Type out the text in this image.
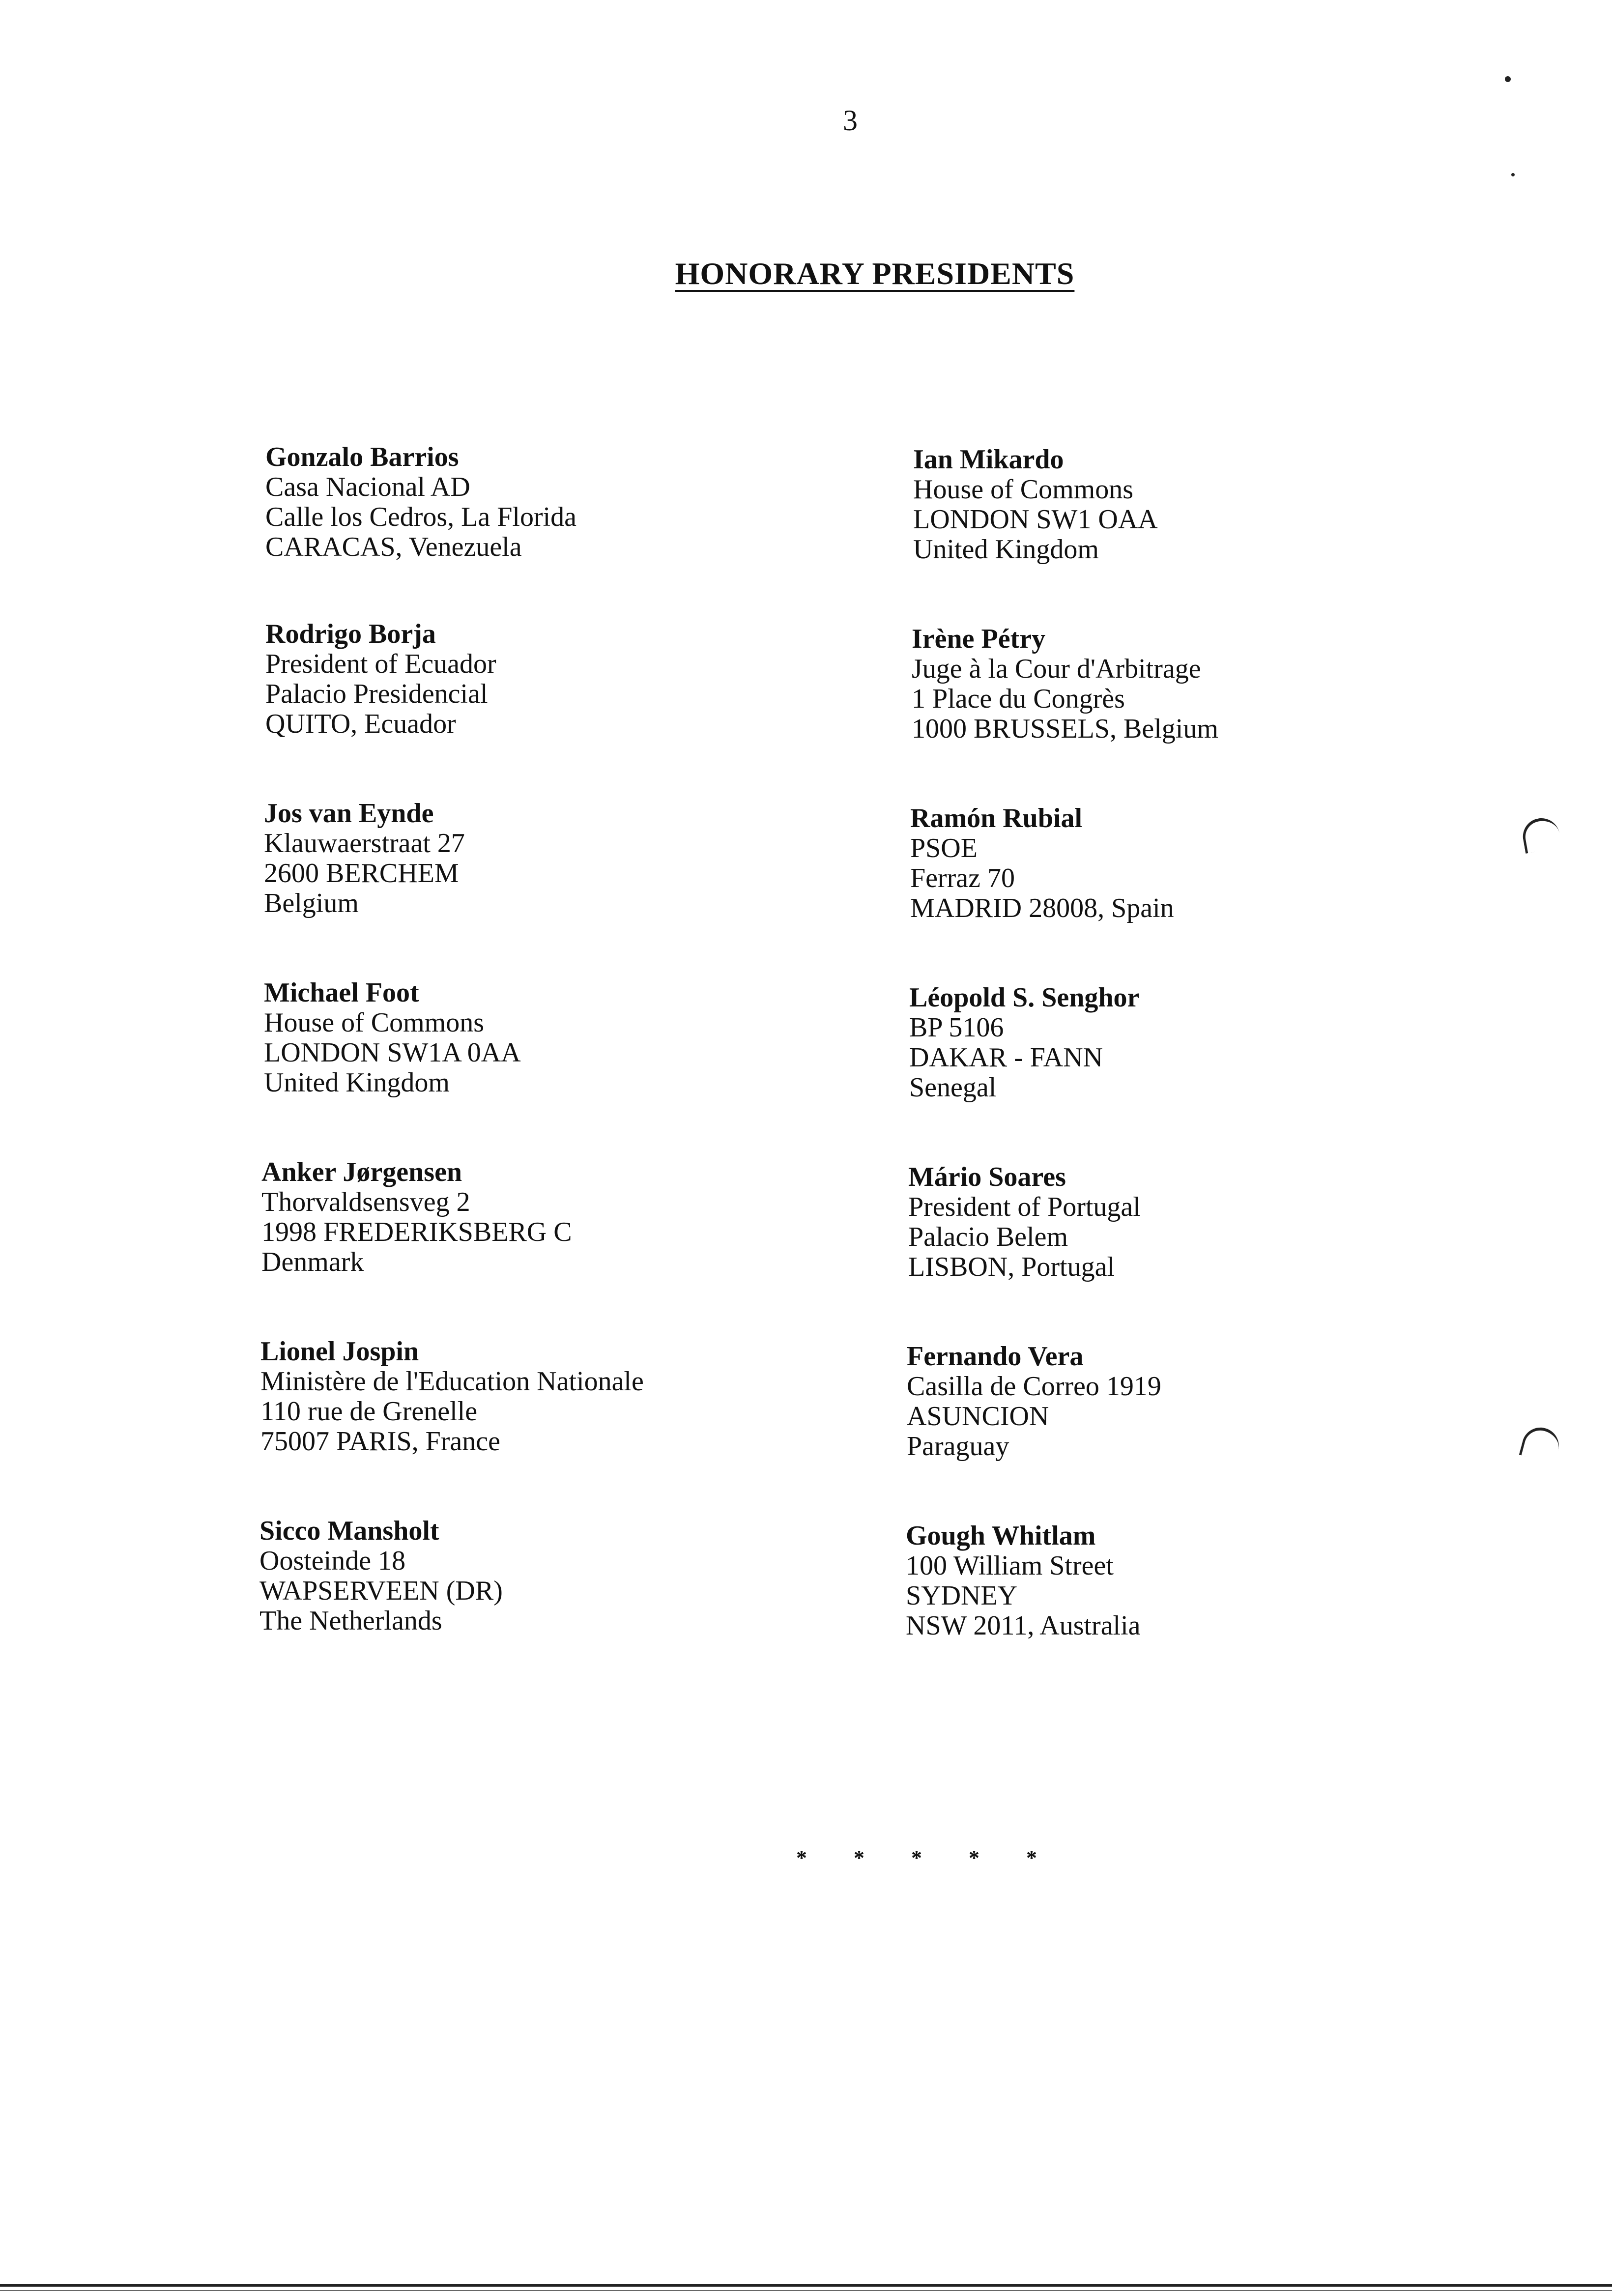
3
HONORARY PRESIDENTS
Gonzalo Barrios
Casa Nacional AD
Calle los Cedros, La Florida
CARACAS, Venezuela
Rodrigo Borja
President of Ecuador
Palacio Presidencial
QUITO, Ecuador
Jos van Eynde
Klauwaerstraat 27
2600 BERCHEM
Belgium
Michael Foot
House of Commons
LONDON SW1A 0AA
United Kingdom
Anker Jørgensen
Thorvaldsensveg 2
1998 FREDERIKSBERG C
Denmark
Lionel Jospin
Ministère de l'Education Nationale
110 rue de Grenelle
75007 PARIS, France
Sicco Mansholt
Oosteinde 18
WAPSERVEEN (DR)
The Netherlands
Ian Mikardo
House of Commons
LONDON SW1 OAA
United Kingdom
Irène Pétry
Juge à la Cour d'Arbitrage
1 Place du Congrès
1000 BRUSSELS, Belgium
Ramón Rubial
PSOE
Ferraz 70
MADRID 28008, Spain
Léopold S. Senghor
BP 5106
DAKAR - FANN
Senegal
Mário Soares
President of Portugal
Palacio Belem
LISBON, Portugal
Fernando Vera
Casilla de Correo 1919
ASUNCION
Paraguay
Gough Whitlam
100 William Street
SYDNEY
NSW 2011, Australia
* * * * *
